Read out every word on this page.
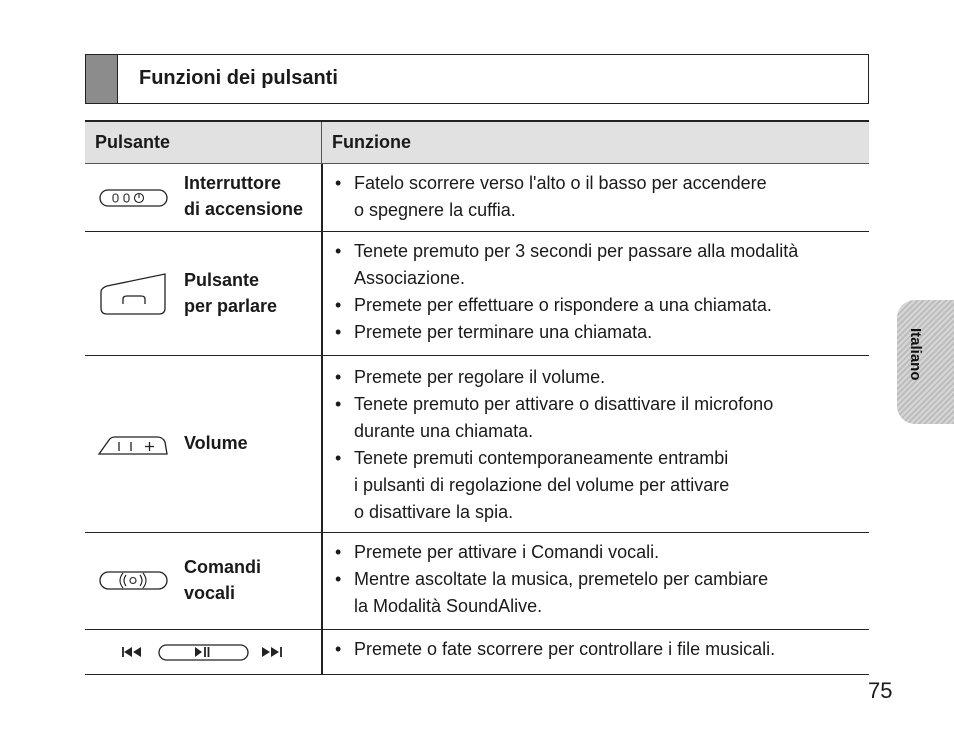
Funzioni dei pulsanti
Pulsante	Funzione
Interruttore
di accensione
• Fatelo scorrere verso l'alto o il basso per accendere
o spegnere la cuffia.
Pulsante
per parlare
• Tenete premuto per 3 secondi per passare alla modalità
Associazione.
• Premete per effettuare o rispondere a una chiamata.
• Premete per terminare una chiamata.
Volume
• Premete per regolare il volume.
• Tenete premuto per attivare o disattivare il microfono
durante una chiamata.
• Tenete premuti contemporaneamente entrambi
i pulsanti di regolazione del volume per attivare
o disattivare la spia.
Comandi
vocali
• Premete per attivare i Comandi vocali.
• Mentre ascoltate la musica, premetelo per cambiare
la Modalità SoundAlive.
• Premete o fate scorrere per controllare i file musicali.
Italiano
75
